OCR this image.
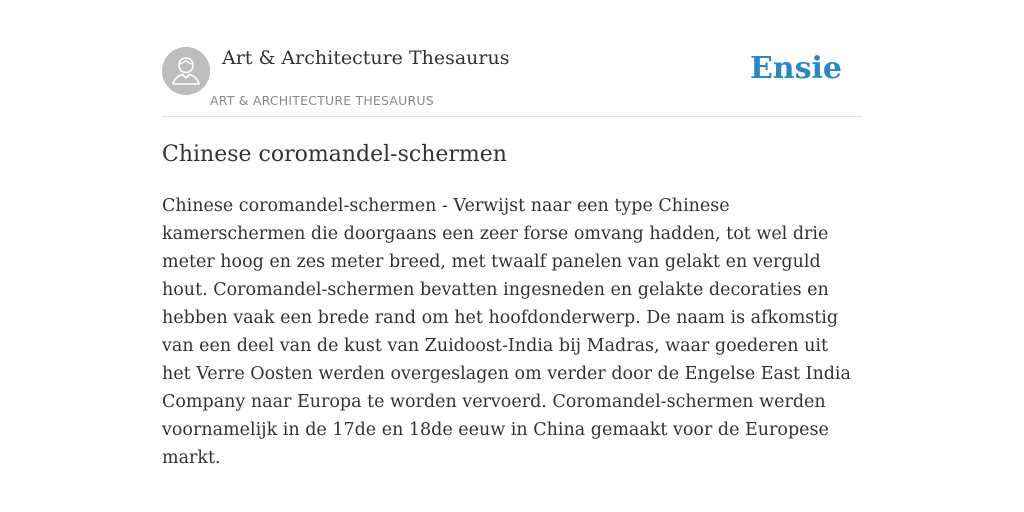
Art & Architecture Thesaurus
ART & ARCHITECTURE THESAURUS
Ensie
Chinese coromandel-schermen

Chinese coromandel-schermen - Verwijst naar een type Chinese kamerschermen die doorgaans een zeer forse omvang hadden, tot wel drie meter hoog en zes meter breed, met twaalf panelen van gelakt en verguld hout. Coromandel-schermen bevatten ingesneden en gelakte decoraties en hebben vaak een brede rand om het hoofdonderwerp. De naam is afkomstig van een deel van de kust van Zuidoost-India bij Madras, waar goederen uit het Verre Oosten werden overgeslagen om verder door de Engelse East India Company naar Europa te worden vervoerd. Coromandel-schermen werden voornamelijk in de 17de en 18de eeuw in China gemaakt voor de Europese markt.
